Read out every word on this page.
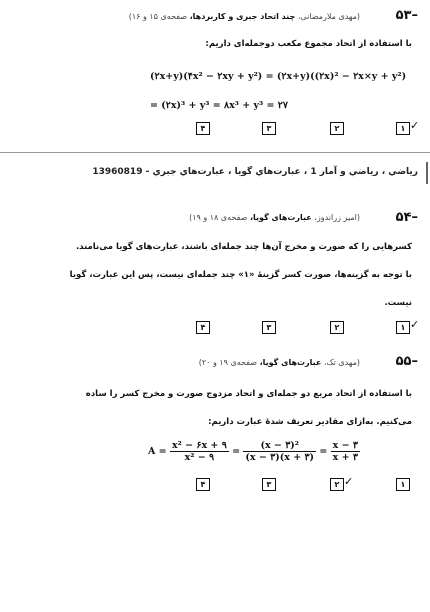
–۵۳
(مهدی ملارمضانی، چند اتحاد جبری و کاربردها، صفحه‌ی ۱۵ و ۱۶)
با استفاده از اتحاد مجموع مکعب دوجمله‌ای داریم:
(۲x+y)(۴x² − ۲xy + y²) = (۲x+y)((۲x)² − ۲x×y + y²)
= (۲x)³ + y³ = ۸x³ + y³ = ۲۷
۴	۳	۲	۱ ✓
رياضي ، رياضي و آمار 1 ، عبارت‌هاي گويا ، عبارت‌هاي جبري - 13960819
–۵۴
(امیر زراندوز، عبارت‌های گویا، صفحه‌ی ۱۸ و ۱۹)
کسرهایی را که صورت و مخرج آن‌ها چند جمله‌ای باشند، عبارت‌های گویا می‌نامند.
با توجه به گزینه‌ها، صورت کسر گزینهٔ «۱» چند جمله‌ای نیست، پس این عبارت، گویا
نیست.
۴	۳	۲	۱ ✓
–۵۵
(مهدی تک، عبارت‌های گویا، صفحه‌ی ۱۹ و ۲۰)
با استفاده از اتحاد مربع دو جمله‌ای و اتحاد مزدوج صورت و مخرج کسر را ساده
می‌کنیم. به‌ازای مقادیر تعریف شدهٔ عبارت داریم:
$A = \frac{\text{x² − ۶x + ۹}}{\text{x² − ۹}} = \frac{\text{(x − ۳)²}}{(x - ۳)(x + ۳)} = \frac{x - ۳}{x + ۳}$
۴	۳	۲ ✓	۱
